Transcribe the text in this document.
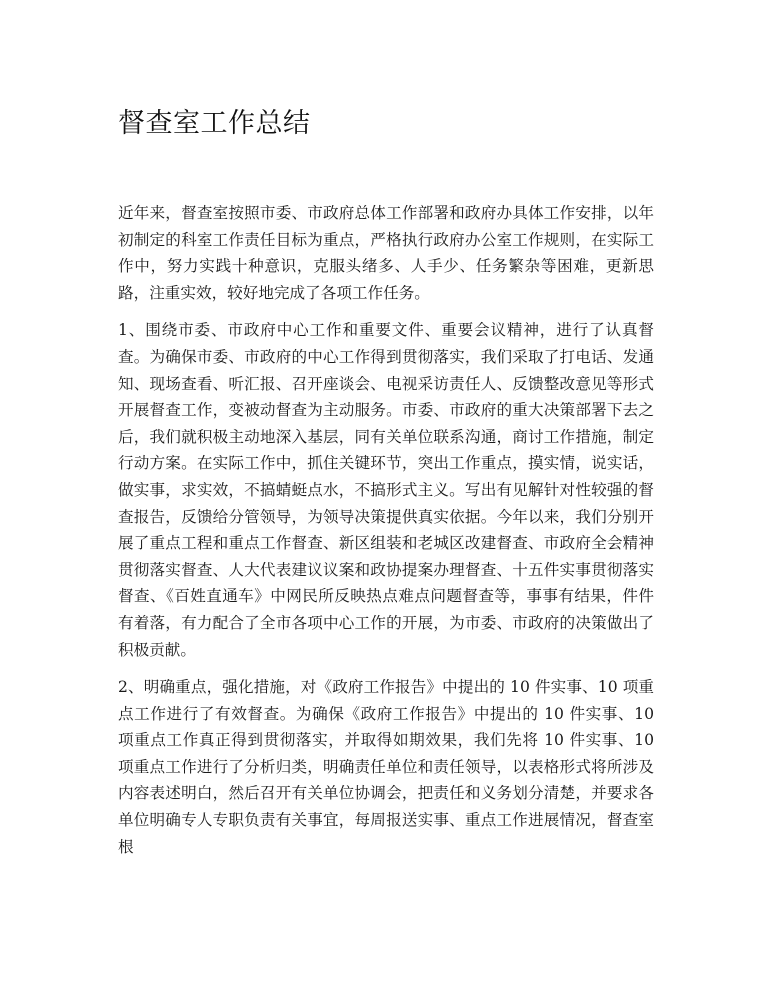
督查室工作总结

近年来，督查室按照市委、市政府总体工作部署和政府办具体工作安排，以年初制定的科室工作责任目标为重点，严格执行政府办公室工作规则，在实际工作中，努力实践十种意识，克服头绪多、人手少、任务繁杂等困难，更新思路，注重实效，较好地完成了各项工作任务。

1、围绕市委、市政府中心工作和重要文件、重要会议精神，进行了认真督查。为确保市委、市政府的中心工作得到贯彻落实，我们采取了打电话、发通知、现场查看、听汇报、召开座谈会、电视采访责任人、反馈整改意见等形式开展督查工作，变被动督查为主动服务。市委、市政府的重大决策部署下去之后，我们就积极主动地深入基层，同有关单位联系沟通，商讨工作措施，制定行动方案。在实际工作中，抓住关键环节，突出工作重点，摸实情，说实话，做实事，求实效，不搞蜻蜓点水，不搞形式主义。写出有见解针对性较强的督查报告，反馈给分管领导，为领导决策提供真实依据。今年以来，我们分别开展了重点工程和重点工作督查、新区组装和老城区改建督查、市政府全会精神贯彻落实督查、人大代表建议议案和政协提案办理督查、十五件实事贯彻落实督查、《百姓直通车》中网民所反映热点难点问题督查等，事事有结果，件件有着落，有力配合了全市各项中心工作的开展，为市委、市政府的决策做出了积极贡献。

2、明确重点，强化措施，对《政府工作报告》中提出的 10 件实事、10 项重点工作进行了有效督查。为确保《政府工作报告》中提出的 10 件实事、10 项重点工作真正得到贯彻落实，并取得如期效果，我们先将 10 件实事、10 项重点工作进行了分析归类，明确责任单位和责任领导，以表格形式将所涉及内容表述明白，然后召开有关单位协调会，把责任和义务划分清楚，并要求各单位明确专人专职负责有关事宜，每周报送实事、重点工作进展情况，督查室根
